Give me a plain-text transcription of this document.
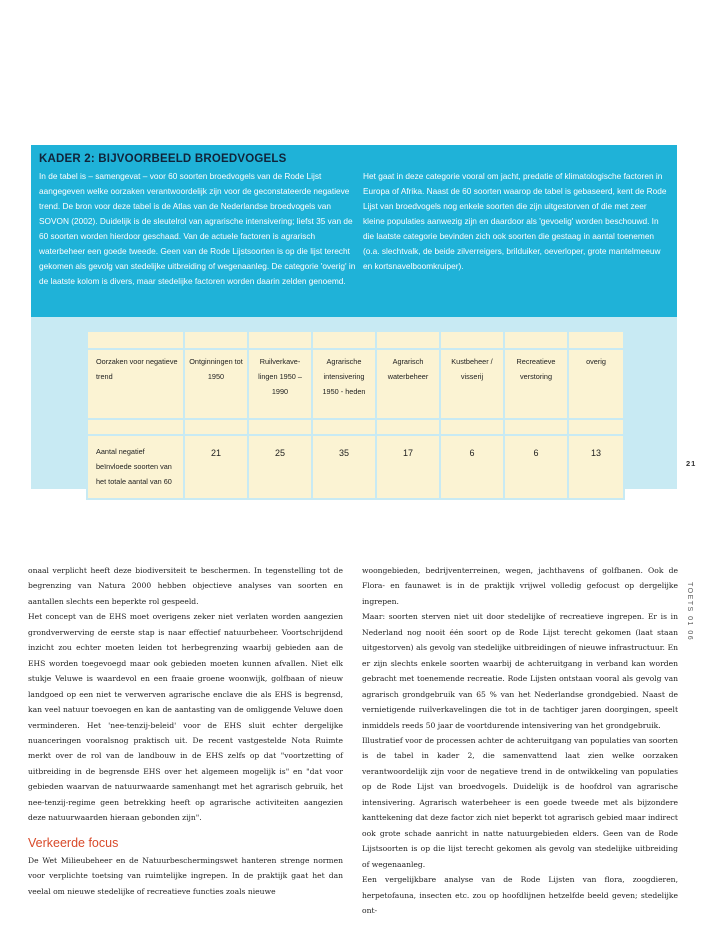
KADER 2: BIJVOORBEELD BROEDVOGELS
In de tabel is – samengevat – voor 60 soorten broedvogels van de Rode Lijst aangegeven welke oorzaken verantwoordelijk zijn voor de geconstateerde negatieve trend. De bron voor deze tabel is de Atlas van de Nederlandse broedvogels van SOVON (2002). Duidelijk is de sleutelrol van agrarische intensivering; liefst 35 van de 60 soorten worden hierdoor geschaad. Van de actuele factoren is agrarisch waterbeheer een goede tweede. Geen van de Rode Lijstsoorten is op die lijst terecht gekomen als gevolg van stedelijke uitbreiding of wegenaanleg. De categorie 'overig' in de laatste kolom is divers, maar stedelijke factoren worden daarin zelden genoemd.
Het gaat in deze categorie vooral om jacht, predatie of klimatologische factoren in Europa of Afrika. Naast de 60 soorten waarop de tabel is gebaseerd, kent de Rode Lijst van broedvogels nog enkele soorten die zijn uitgestorven of die met zeer kleine populaties aanwezig zijn en daardoor als 'gevoelig' worden beschouwd. In die laatste categorie bevinden zich ook soorten die gestaag in aantal toenemen (o.a. slechtvalk, de beide zilverreigers, brilduiker, oeverloper, grote mantelmeeuw en kortsnavelboomkruiper).

Oorzaken voor negatieve trend	Ontginningen tot 1950	Ruilverkave-lingen 1950 – 1990	Agrarische intensivering 1950 - heden	Agrarisch waterbeheer	Kustbeheer / visserij	Recreatieve verstoring	overig

Aantal negatief beïnvloede soorten van het totale aantal van 60	21	25	35	17	6	6	13
21
TOETS 01 06

onaal verplicht heeft deze biodiversiteit te beschermen. In tegenstelling tot de begrenzing van Natura 2000 hebben objectieve analyses van soorten en aantallen slechts een beperkte rol gespeeld.

Het concept van de EHS moet overigens zeker niet verlaten worden aangezien grondverwerving de eerste stap is naar effectief natuurbeheer. Voortschrijdend inzicht zou echter moeten leiden tot herbegrenzing waarbij gebieden aan de EHS worden toegevoegd maar ook gebieden moeten kunnen afvallen. Niet elk stukje Veluwe is waardevol en een fraaie groene woonwijk, golfbaan of nieuw landgoed op een niet te verwerven agrarische enclave die als EHS is begrensd, kan veel natuur toevoegen en kan de aantasting van de omliggende Veluwe doen verminderen. Het 'nee-tenzij-beleid' voor de EHS sluit echter dergelijke nuanceringen vooralsnog praktisch uit. De recent vastgestelde Nota Ruimte merkt over de rol van de landbouw in de EHS zelfs op dat "voortzetting of uitbreiding in de begrensde EHS over het algemeen mogelijk is" en "dat voor gebieden waarvan de natuurwaarde samenhangt met het agrarisch gebruik, het nee-tenzij-regime geen betrekking heeft op agrarische activiteiten aangezien deze natuurwaarden hieraan gebonden zijn".

Verkeerde focus

De Wet Milieubeheer en de Natuurbeschermingswet hanteren strenge normen voor verplichte toetsing van ruimtelijke ingrepen. In de praktijk gaat het dan veelal om nieuwe stedelijke of recreatieve functies zoals nieuwe

woongebieden, bedrijventerreinen, wegen, jachthavens of golfbanen. Ook de Flora- en faunawet is in de praktijk vrijwel volledig gefocust op dergelijke ingrepen.

Maar: soorten sterven niet uit door stedelijke of recreatieve ingrepen. Er is in Nederland nog nooit één soort op de Rode Lijst terecht gekomen (laat staan uitgestorven) als gevolg van stedelijke uitbreidingen of nieuwe infrastructuur. En er zijn slechts enkele soorten waarbij de achteruitgang in verband kan worden gebracht met toenemende recreatie. Rode Lijsten ontstaan vooral als gevolg van agrarisch grondgebruik van 65 % van het Nederlandse grondgebied. Naast de vernietigende ruilverkavelingen die tot in de tachtiger jaren doorgingen, speelt inmiddels reeds 50 jaar de voortdurende intensivering van het grondgebruik.

Illustratief voor de processen achter de achteruitgang van populaties van soorten is de tabel in kader 2, die samenvattend laat zien welke oorzaken verantwoordelijk zijn voor de negatieve trend in de ontwikkeling van populaties op de Rode Lijst van broedvogels. Duidelijk is de hoofdrol van agrarische intensivering. Agrarisch waterbeheer is een goede tweede met als bijzondere kanttekening dat deze factor zich niet beperkt tot agrarisch gebied maar indirect ook grote schade aanricht in natte natuurgebieden elders. Geen van de Rode Lijstsoorten is op die lijst terecht gekomen als gevolg van stedelijke uitbreiding of wegenaanleg.

Een vergelijkbare analyse van de Rode Lijsten van flora, zoogdieren, herpetofauna, insecten etc. zou op hoofdlijnen hetzelfde beeld geven; stedelijke ont-
